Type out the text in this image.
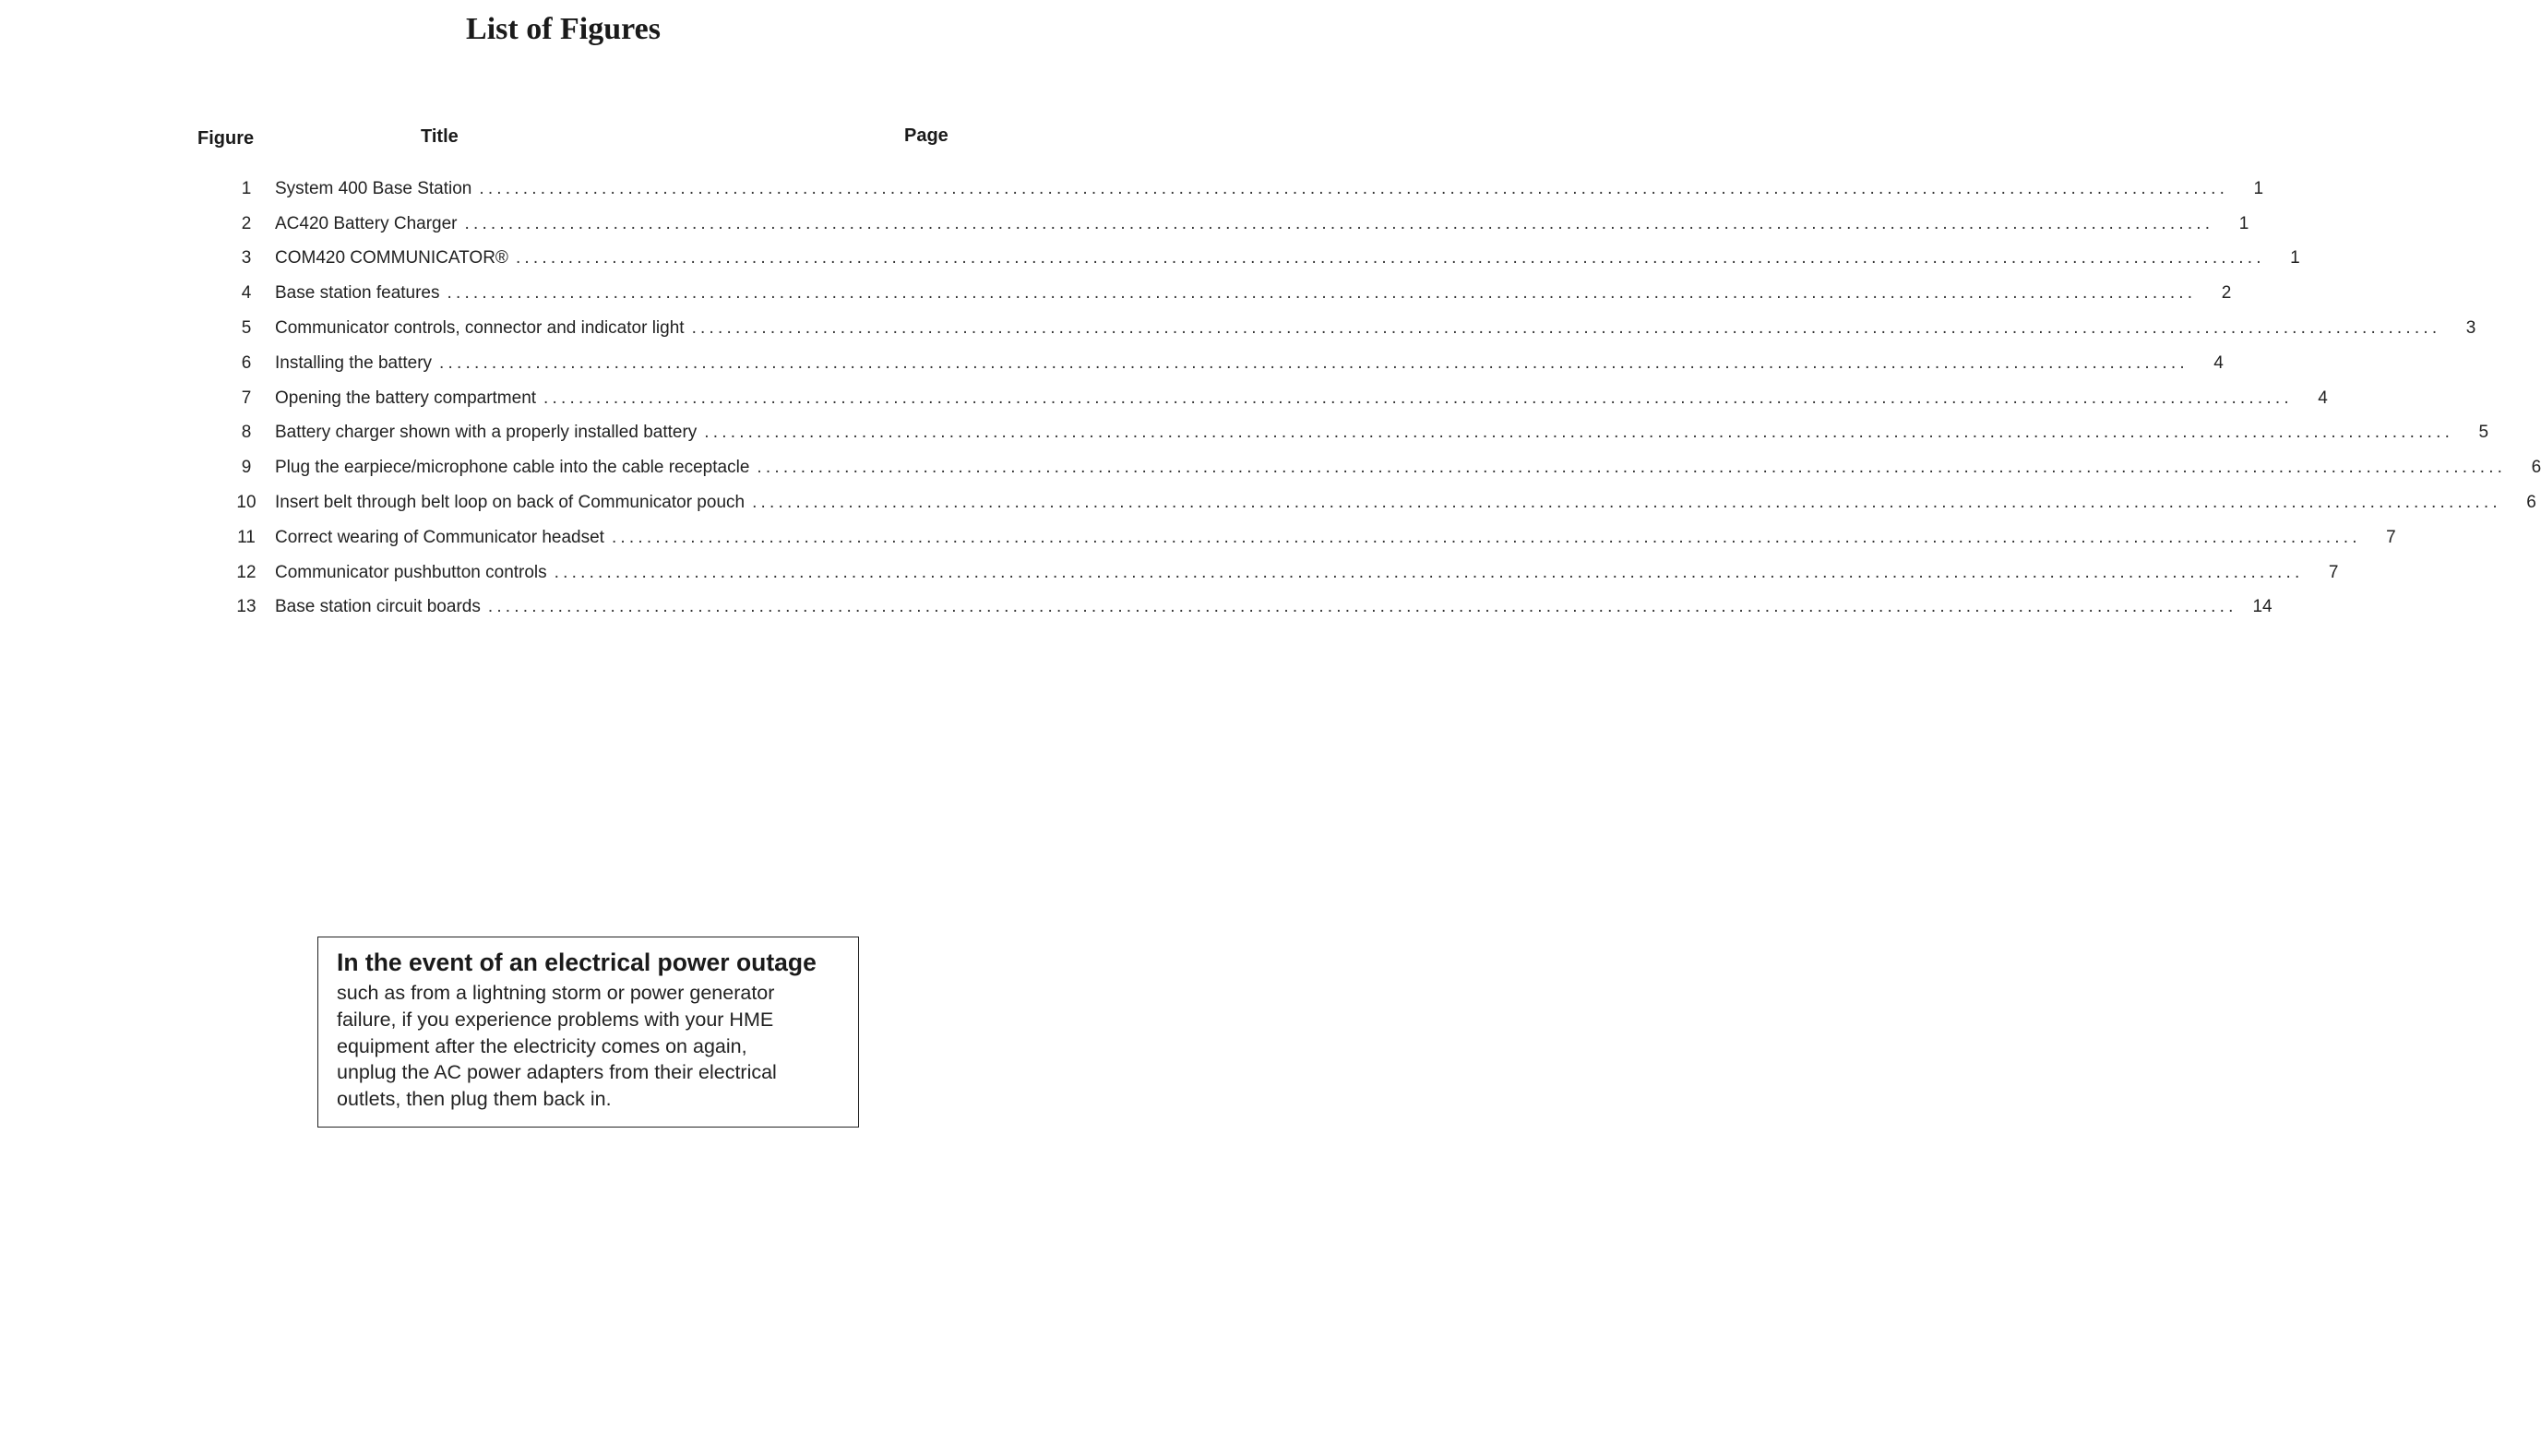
List of Figures
Figure	Title	Page
1	System 400 Base Station ........................................................................................................................................................................................................	1
2	AC420 Battery Charger ........................................................................................................................................................................................................	1
3	COM420 COMMUNICATOR® ........................................................................................................................................................................................................	1
4	Base station features ........................................................................................................................................................................................................	2
5	Communicator controls, connector and indicator light ........................................................................................................................................................................................................	3
6	Installing the battery ........................................................................................................................................................................................................	4
7	Opening the battery compartment ........................................................................................................................................................................................................	4
8	Battery charger shown with a properly installed battery ........................................................................................................................................................................................................	5
9	Plug the earpiece/microphone cable into the cable receptacle ........................................................................................................................................................................................................	6
10	Insert belt through belt loop on back of Communicator pouch ........................................................................................................................................................................................................	6
11	Correct wearing of Communicator headset ........................................................................................................................................................................................................	7
12	Communicator pushbutton controls ........................................................................................................................................................................................................	7
13	Base station circuit boards ........................................................................................................................................................................................................ 14
In the event of an electrical power outage

such as from a lightning storm or power generator
failure, if you experience problems with your HME
equipment after the electricity comes on again,
unplug the AC power adapters from their electrical
outlets, then plug them back in.
